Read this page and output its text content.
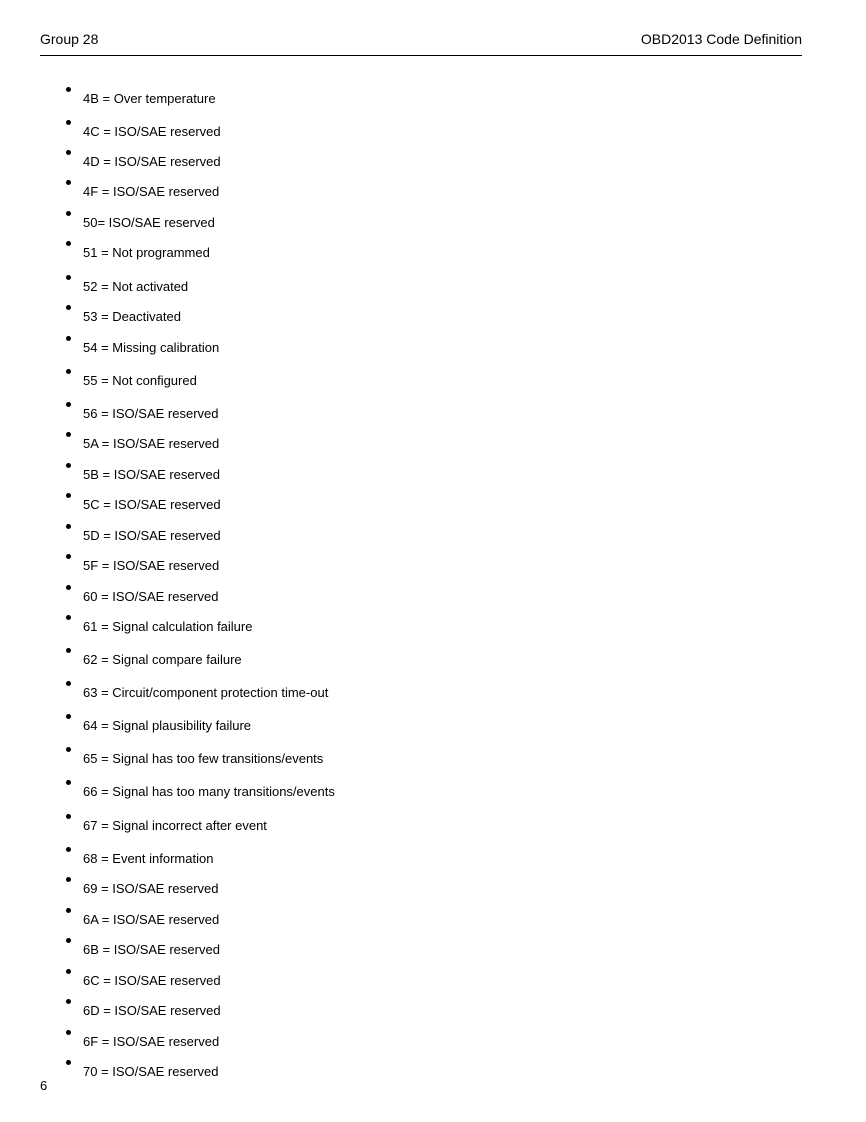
Group 28	OBD2013 Code Definition
4B = Over temperature
4C = ISO/SAE reserved
4D = ISO/SAE reserved
4F = ISO/SAE reserved
50= ISO/SAE reserved
51 = Not programmed
52 = Not activated
53 = Deactivated
54 = Missing calibration
55 = Not configured
56 = ISO/SAE reserved
5A = ISO/SAE reserved
5B = ISO/SAE reserved
5C = ISO/SAE reserved
5D = ISO/SAE reserved
5F = ISO/SAE reserved
60 = ISO/SAE reserved
61 = Signal calculation failure
62 = Signal compare failure
63 = Circuit/component protection time-out
64 = Signal plausibility failure
65 = Signal has too few transitions/events
66 = Signal has too many transitions/events
67 = Signal incorrect after event
68 = Event information
69 = ISO/SAE reserved
6A = ISO/SAE reserved
6B = ISO/SAE reserved
6C = ISO/SAE reserved
6D = ISO/SAE reserved
6F = ISO/SAE reserved
70 = ISO/SAE reserved
6
